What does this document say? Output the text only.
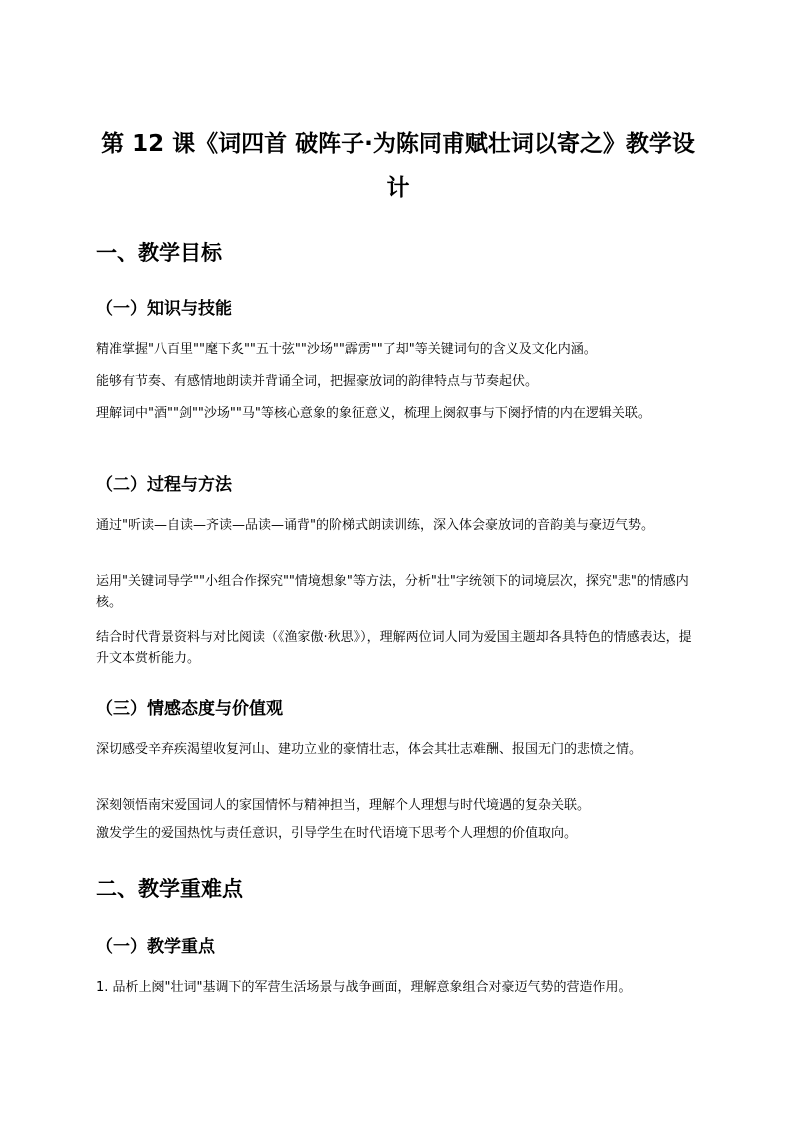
第 12 课《词四首 破阵子·为陈同甫赋壮词以寄之》教学设计
一、教学目标
（一）知识与技能
精准掌握"八百里""麾下炙""五十弦""沙场""霹雳""了却"等关键词句的含义及文化内涵。
能够有节奏、有感情地朗读并背诵全词，把握豪放词的韵律特点与节奏起伏。
理解词中"酒""剑""沙场""马"等核心意象的象征意义，梳理上阕叙事与下阕抒情的内在逻辑关联。
（二）过程与方法
通过"听读—自读—齐读—品读—诵背"的阶梯式朗读训练，深入体会豪放词的音韵美与豪迈气势。
运用"关键词导学""小组合作探究""情境想象"等方法，分析"壮"字统领下的词境层次，探究"悲"的情感内核。
结合时代背景资料与对比阅读（《渔家傲·秋思》），理解两位词人同为爱国主题却各具特色的情感表达，提升文本赏析能力。
（三）情感态度与价值观
深切感受辛弃疾渴望收复河山、建功立业的豪情壮志，体会其壮志难酬、报国无门的悲愤之情。
深刻领悟南宋爱国词人的家国情怀与精神担当，理解个人理想与时代境遇的复杂关联。
激发学生的爱国热忱与责任意识，引导学生在时代语境下思考个人理想的价值取向。
二、教学重难点
（一）教学重点
1. 品析上阕"壮词"基调下的军营生活场景与战争画面，理解意象组合对豪迈气势的营造作用。
